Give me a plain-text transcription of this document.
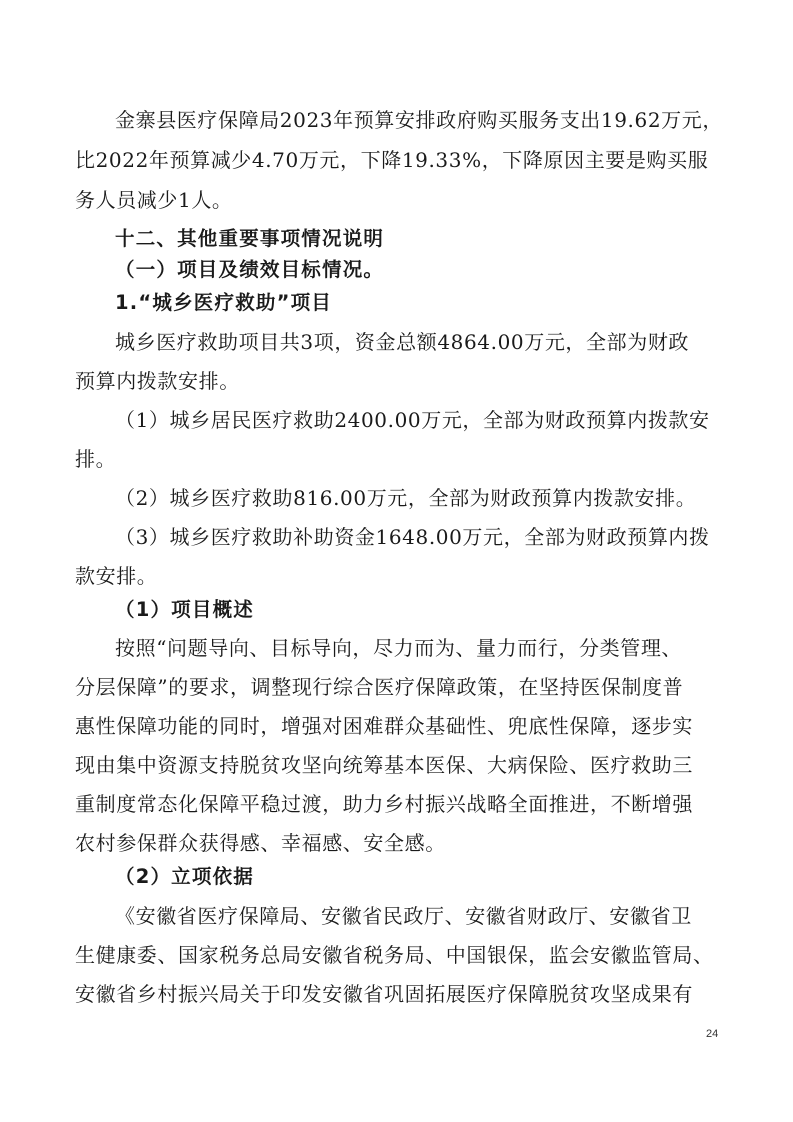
金寨县医疗保障局2023年预算安排政府购买服务支出19.62万元，
比2022年预算减少4.70万元，下降19.33%，下降原因主要是购买服
务人员减少1人。
十二、其他重要事项情况说明
（一）项目及绩效目标情况。
1.“城乡医疗救助”项目
城乡医疗救助项目共3项，资金总额4864.00万元，全部为财政
预算内拨款安排。
（1）城乡居民医疗救助2400.00万元，全部为财政预算内拨款安
排。
（2）城乡医疗救助816.00万元，全部为财政预算内拨款安排。
（3）城乡医疗救助补助资金1648.00万元，全部为财政预算内拨
款安排。
（1）项目概述
按照“问题导向、目标导向，尽力而为、量力而行，分类管理、
分层保障”的要求，调整现行综合医疗保障政策，在坚持医保制度普
惠性保障功能的同时，增强对困难群众基础性、兜底性保障，逐步实
现由集中资源支持脱贫攻坚向统筹基本医保、大病保险、医疗救助三
重制度常态化保障平稳过渡，助力乡村振兴战略全面推进，不断增强
农村参保群众获得感、幸福感、安全感。
（2）立项依据
《安徽省医疗保障局、安徽省民政厅、安徽省财政厅、安徽省卫
生健康委、国家税务总局安徽省税务局、中国银保，监会安徽监管局、
安徽省乡村振兴局关于印发安徽省巩固拓展医疗保障脱贫攻坚成果有
24
